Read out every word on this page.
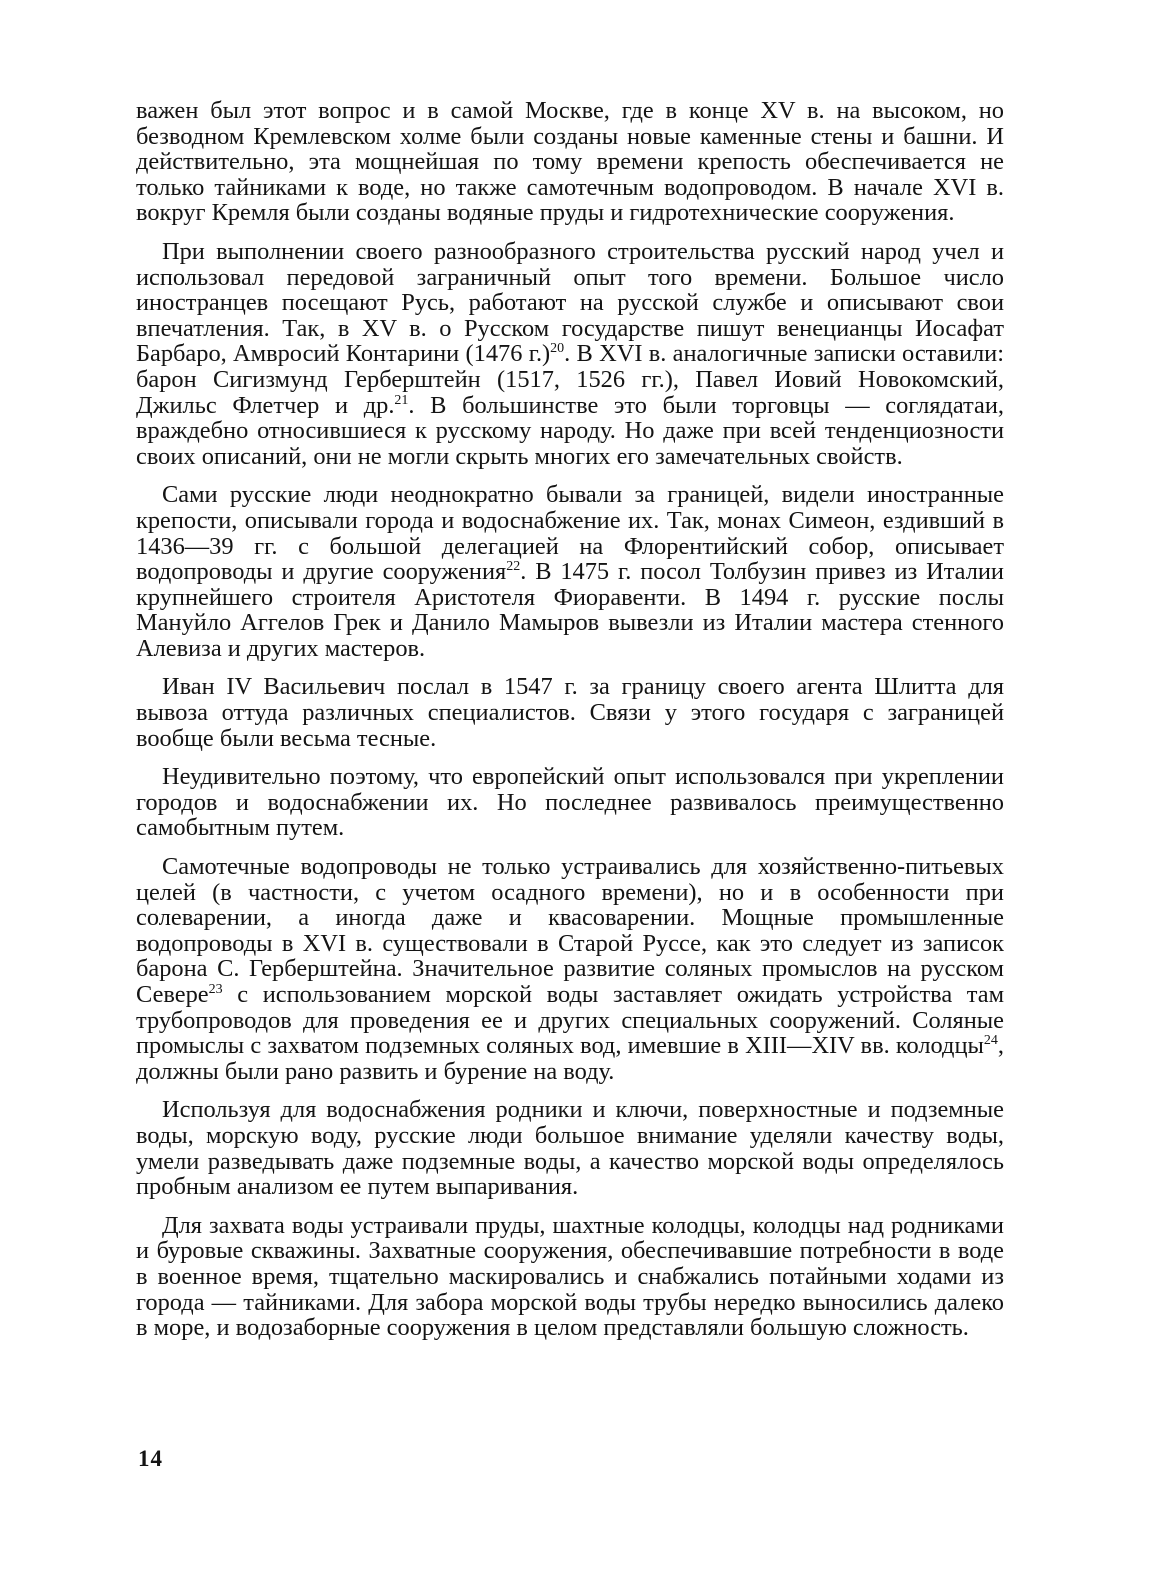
важен был этот вопрос и в самой Москве, где в конце XV в. на высоком, но безводном Кремлевском холме были созданы новые каменные стены и башни. И действительно, эта мощнейшая по тому времени крепость обеспечивается не только тайниками к воде, но также самотечным водопроводом. В начале XVI в. вокруг Кремля были созданы водяные пруды и гидротехнические сооружения.

При выполнении своего разнообразного строительства русский народ учел и использовал передовой заграничный опыт того времени. Большое число иностранцев посещают Русь, работают на русской службе и описывают свои впечатления. Так, в XV в. о Русском государстве пишут венецианцы Иосафат Барбаро, Амвросий Контарини (1476 г.)$^{20}$. В XVI в. аналогичные записки оставили: барон Сигизмунд Герберштейн (1517, 1526 гг.), Павел Иовий Новокомский, Джильс Флетчер и др.$^{21}$. В большинстве это были торговцы — соглядатаи, враждебно относившиеся к русскому народу. Но даже при всей тенденциозности своих описаний, они не могли скрыть многих его замечательных свойств.

Сами русские люди неоднократно бывали за границей, видели иностранные крепости, описывали города и водоснабжение их. Так, монах Симеон, ездивший в 1436—39 гг. с большой делегацией на Флорентийский собор, описывает водопроводы и другие сооружения$^{22}$. В 1475 г. посол Толбузин привез из Италии крупнейшего строителя Аристотеля Фиоравенти. В 1494 г. русские послы Мануйло Аггелов Грек и Данило Мамыров вывезли из Италии мастера стенного Алевиза и других мастеров.

Иван IV Васильевич послал в 1547 г. за границу своего агента Шлитта для вывоза оттуда различных специалистов. Связи у этого государя с заграницей вообще были весьма тесные.

Неудивительно поэтому, что европейский опыт использовался при укреплении городов и водоснабжении их. Но последнее развивалось преимущественно самобытным путем.

Самотечные водопроводы не только устраивались для хозяйственно-питьевых целей (в частности, с учетом осадного времени), но и в особенности при солеварении, а иногда даже и квасоварении. Мощные промышленные водопроводы в XVI в. существовали в Старой Руссе, как это следует из записок барона С. Герберштейна. Значительное развитие соляных промыслов на русском Севере$^{23}$ с использованием морской воды заставляет ожидать устройства там трубопроводов для проведения ее и других специальных сооружений. Соляные промыслы с захватом подземных соляных вод, имевшие в XIII—XIV вв. колодцы$^{24}$, должны были рано развить и бурение на воду.

Используя для водоснабжения родники и ключи, поверхностные и подземные воды, морскую воду, русские люди большое внимание уделяли качеству воды, умели разведывать даже подземные воды, а качество морской воды определялось пробным анализом ее путем выпаривания.

Для захвата воды устраивали пруды, шахтные колодцы, колодцы над родниками и буровые скважины. Захватные сооружения, обеспечивавшие потребности в воде в военное время, тщательно маскировались и снабжались потайными ходами из города — тайниками. Для забора морской воды трубы нередко выносились далеко в море, и водозаборные сооружения в целом представляли большую сложность.

14
